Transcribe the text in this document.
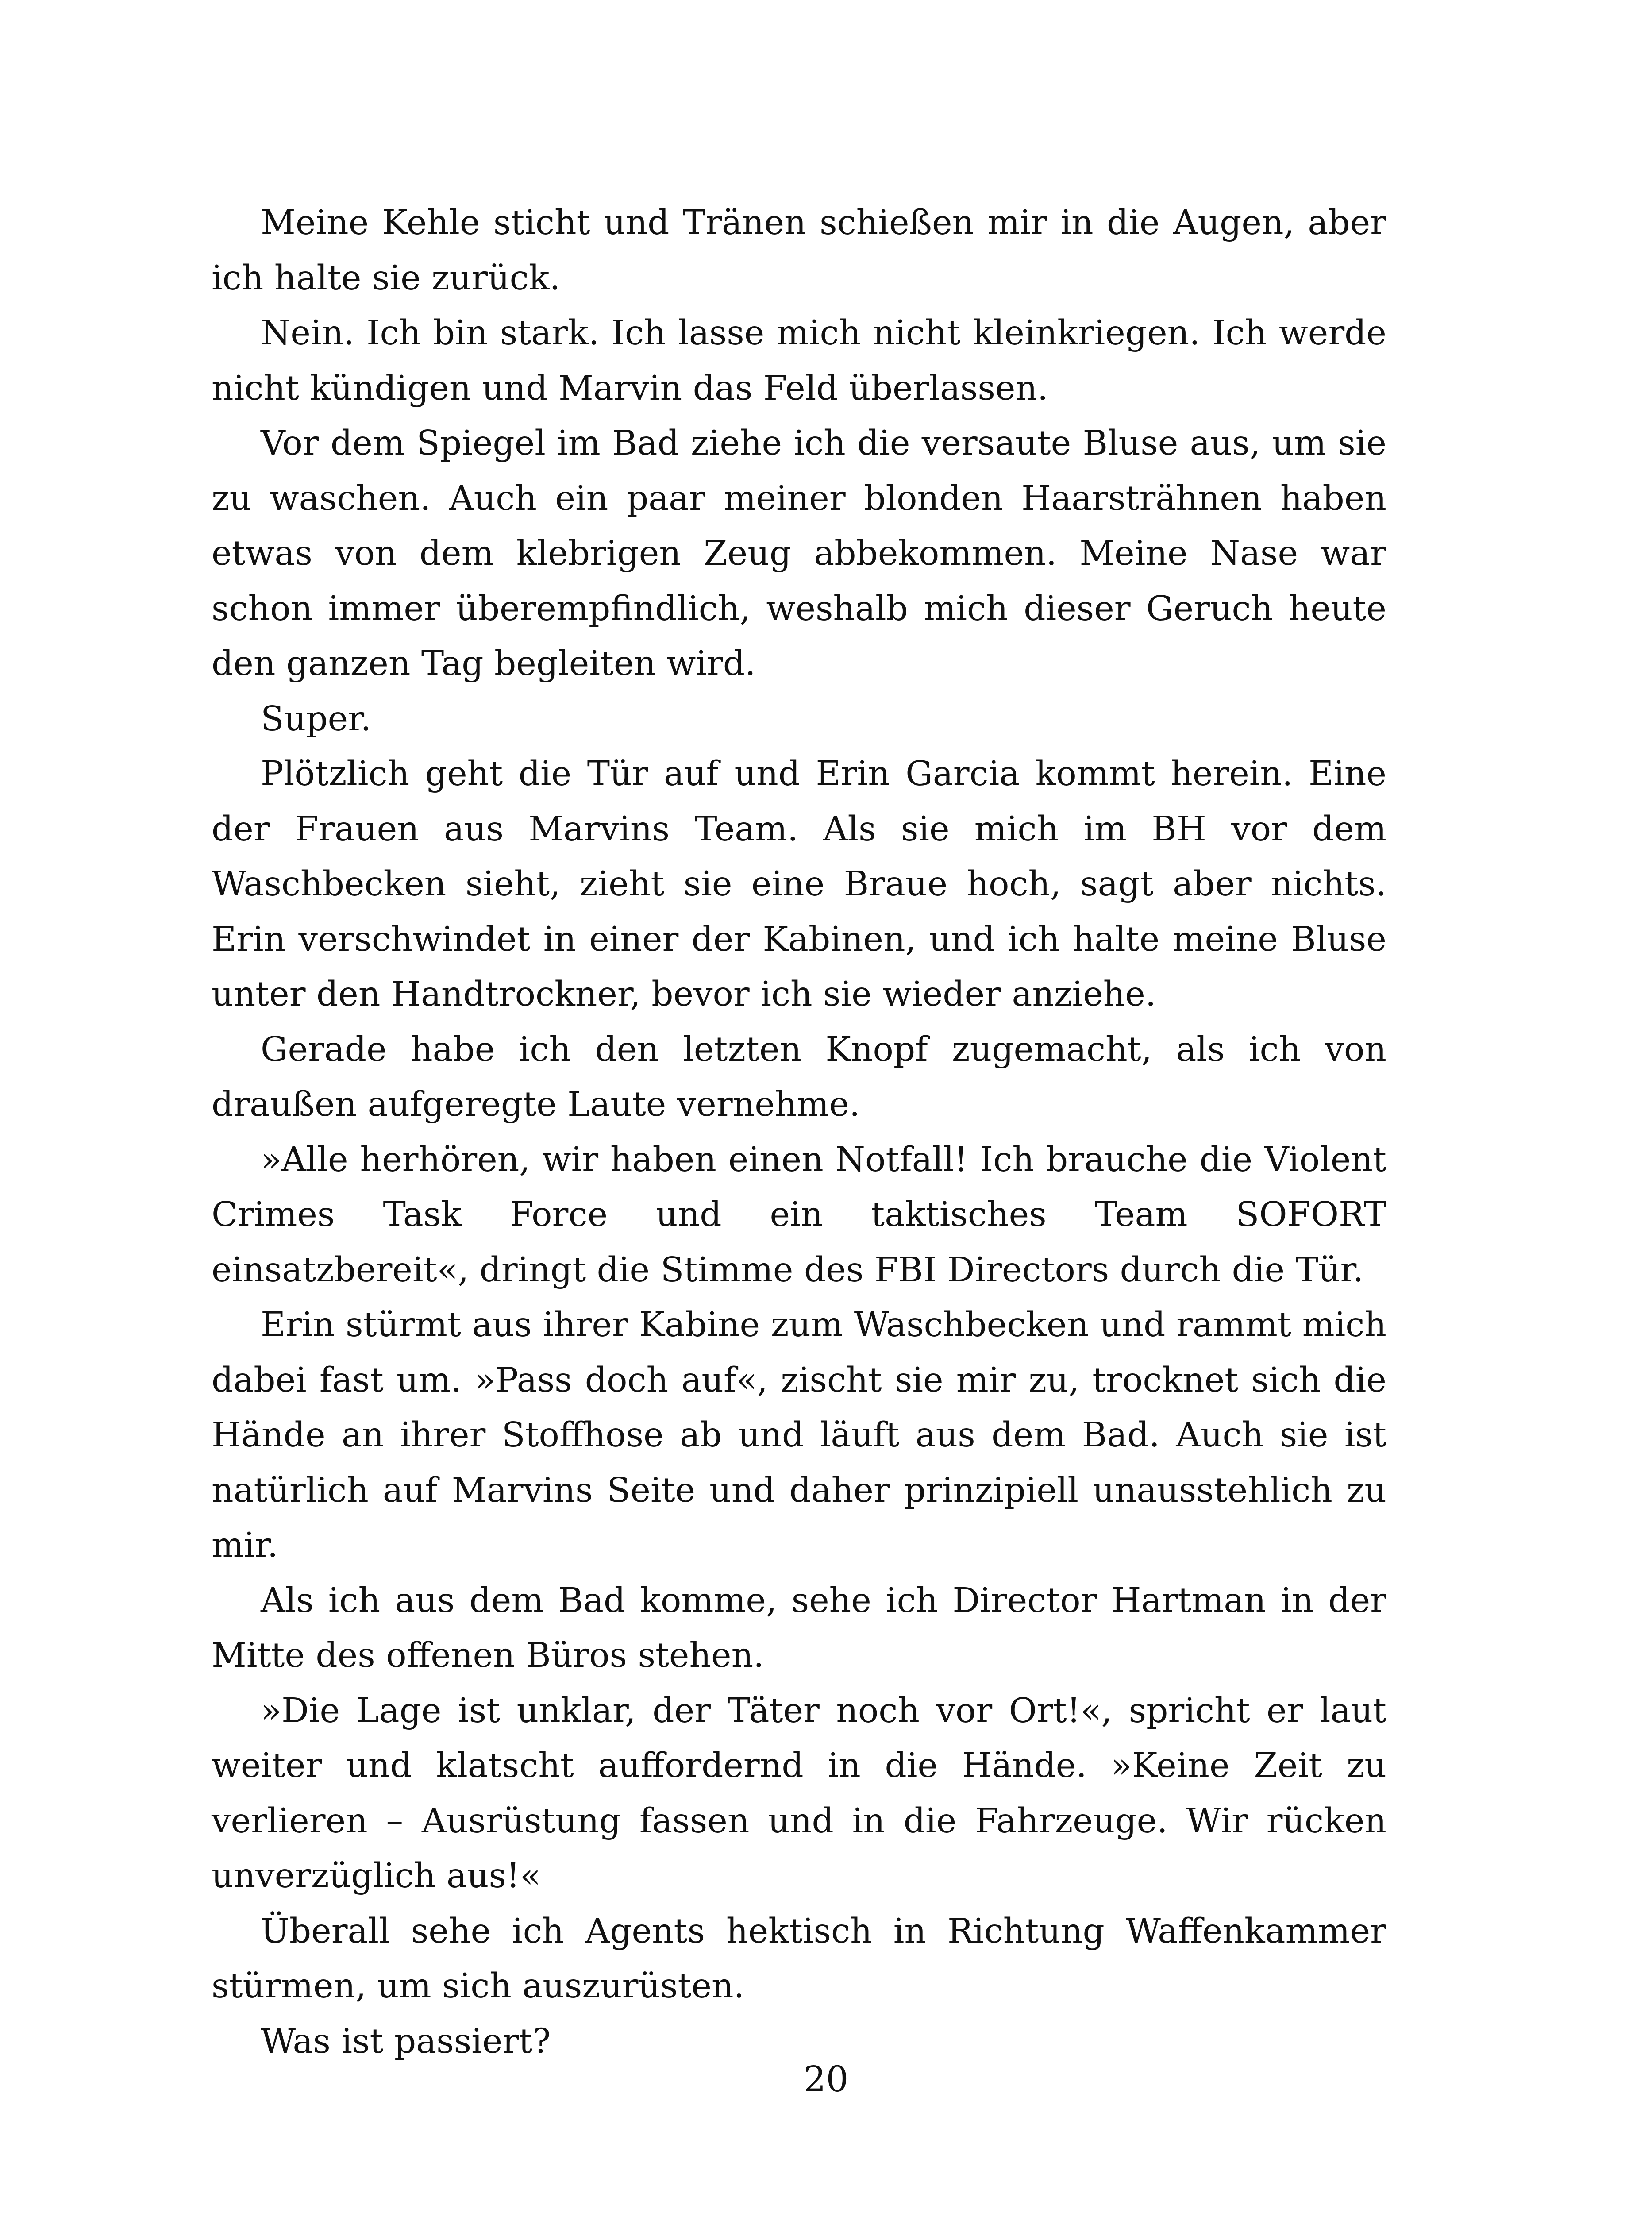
Meine Kehle sticht und Tränen schießen mir in die Augen, aber ich halte sie zurück.

Nein. Ich bin stark. Ich lasse mich nicht kleinkriegen. Ich werde nicht kündigen und Marvin das Feld überlassen.

Vor dem Spiegel im Bad ziehe ich die versaute Bluse aus, um sie zu waschen. Auch ein paar meiner blonden Haarsträhnen haben etwas von dem klebrigen Zeug abbekommen. Meine Nase war schon immer überempfindlich, weshalb mich dieser Geruch heute den ganzen Tag begleiten wird.

Super.

Plötzlich geht die Tür auf und Erin Garcia kommt herein. Eine der Frauen aus Marvins Team. Als sie mich im BH vor dem Waschbecken sieht, zieht sie eine Braue hoch, sagt aber nichts. Erin verschwindet in einer der Kabinen, und ich halte meine Bluse unter den Handtrockner, bevor ich sie wieder anziehe.

Gerade habe ich den letzten Knopf zugemacht, als ich von draußen aufgeregte Laute vernehme.

»Alle herhören, wir haben einen Notfall! Ich brauche die Violent Crimes Task Force und ein taktisches Team SOFORT einsatzbereit«, dringt die Stimme des FBI Directors durch die Tür.

Erin stürmt aus ihrer Kabine zum Waschbecken und rammt mich dabei fast um. »Pass doch auf«, zischt sie mir zu, trocknet sich die Hände an ihrer Stoffhose ab und läuft aus dem Bad. Auch sie ist natürlich auf Marvins Seite und daher prinzipiell unausstehlich zu mir.

Als ich aus dem Bad komme, sehe ich Director Hartman in der Mitte des offenen Büros stehen.

»Die Lage ist unklar, der Täter noch vor Ort!«, spricht er laut weiter und klatscht auffordernd in die Hände. »Keine Zeit zu verlieren – Ausrüstung fassen und in die Fahrzeuge. Wir rücken unverzüglich aus!«

Überall sehe ich Agents hektisch in Richtung Waffenkammer stürmen, um sich auszurüsten.

Was ist passiert?

20
